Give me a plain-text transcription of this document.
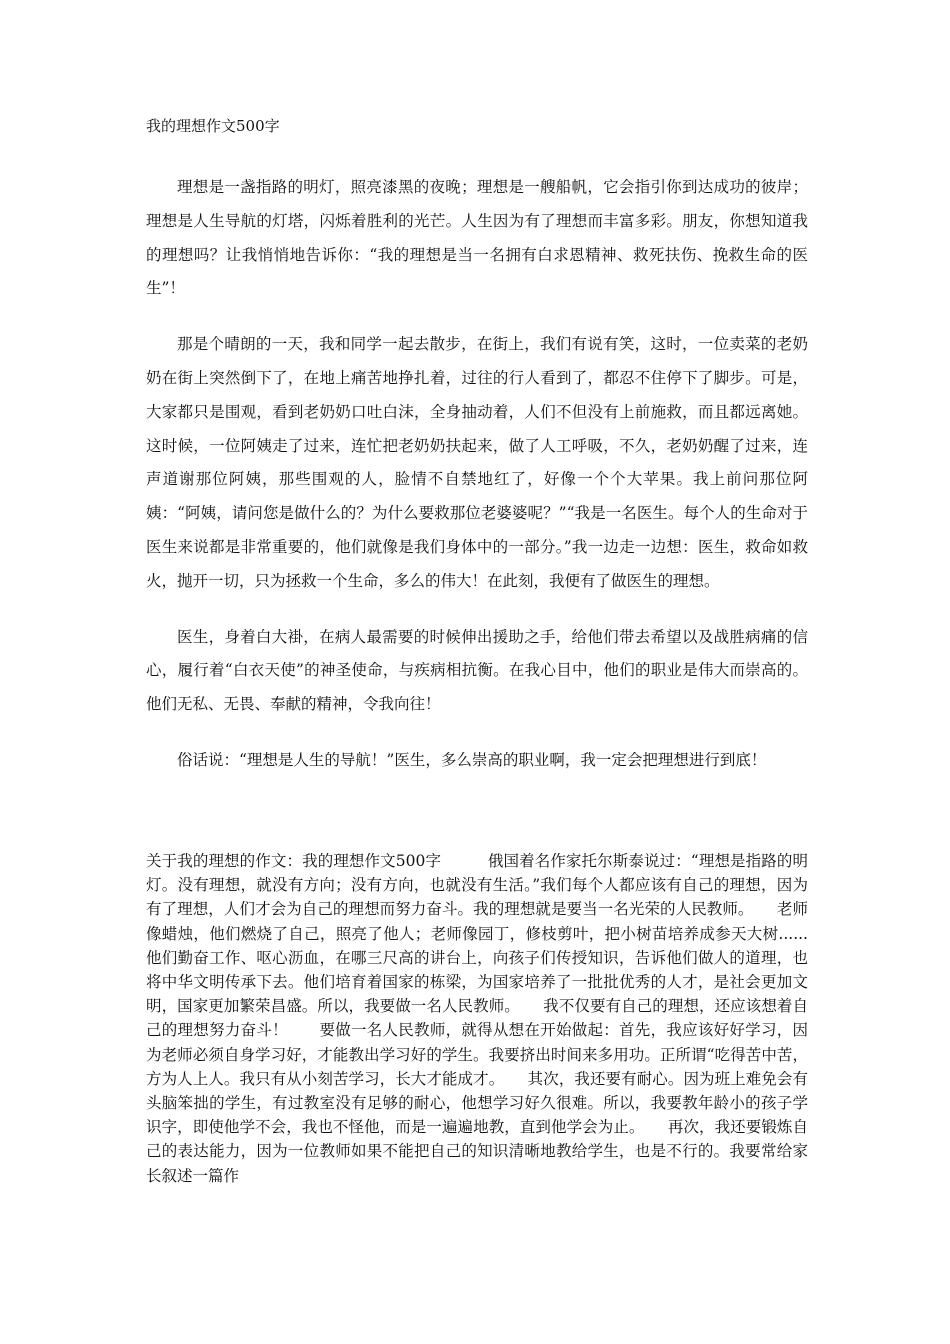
我的理想作文500字

理想是一盏指路的明灯，照亮漆黑的夜晚；理想是一艘船帆，它会指引你到达成功的彼岸；理想是人生导航的灯塔，闪烁着胜利的光芒。人生因为有了理想而丰富多彩。朋友，你想知道我的理想吗？让我悄悄地告诉你：“我的理想是当一名拥有白求恩精神、救死扶伤、挽救生命的医生”！

那是个晴朗的一天，我和同学一起去散步，在街上，我们有说有笑，这时，一位卖菜的老奶奶在街上突然倒下了，在地上痛苦地挣扎着，过往的行人看到了，都忍不住停下了脚步。可是，大家都只是围观，看到老奶奶口吐白沫，全身抽动着，人们不但没有上前施救，而且都远离她。这时候，一位阿姨走了过来，连忙把老奶奶扶起来，做了人工呼吸，不久，老奶奶醒了过来，连声道谢那位阿姨，那些围观的人，脸情不自禁地红了，好像一个个大苹果。我上前问那位阿姨：“阿姨，请问您是做什么的？为什么要救那位老婆婆呢？”“我是一名医生。每个人的生命对于医生来说都是非常重要的，他们就像是我们身体中的一部分。”我一边走一边想：医生，救命如救火，抛开一切，只为拯救一个生命，多么的伟大！在此刻，我便有了做医生的理想。

医生，身着白大褂，在病人最需要的时候伸出援助之手，给他们带去希望以及战胜病痛的信心，履行着“白衣天使”的神圣使命，与疾病相抗衡。在我心目中，他们的职业是伟大而崇高的。他们无私、无畏、奉献的精神，令我向往！

俗话说：“理想是人生的导航！”医生，多么崇高的职业啊，我一定会把理想进行到底！

关于我的理想的作文：我的理想作文500字　　　俄国着名作家托尔斯泰说过：“理想是指路的明灯。没有理想，就没有方向；没有方向，也就没有生活。”我们每个人都应该有自己的理想，因为有了理想，人们才会为自己的理想而努力奋斗。我的理想就是要当一名光荣的人民教师。　　老师像蜡烛，他们燃烧了自己，照亮了他人；老师像园丁，修枝剪叶，把小树苗培养成参天大树......　他们勤奋工作、呕心沥血，在哪三尺高的讲台上，向孩子们传授知识，告诉他们做人的道理，也将中华文明传承下去。他们培育着国家的栋梁，为国家培养了一批批优秀的人才，是社会更加文明，国家更加繁荣昌盛。所以，我要做一名人民教师。　　我不仅要有自己的理想，还应该想着自己的理想努力奋斗！　　要做一名人民教师，就得从想在开始做起：首先，我应该好好学习，因为老师必须自身学习好，才能教出学习好的学生。我要挤出时间来多用功。正所谓“吃得苦中苦，方为人上人。我只有从小刻苦学习，长大才能成才。　　其次，我还要有耐心。因为班上难免会有头脑笨拙的学生，有过教室没有足够的耐心，他想学习好久很难。所以，我要教年龄小的孩子学识字，即使他学不会，我也不怪他，而是一遍遍地教，直到他学会为止。　　再次，我还要锻炼自己的表达能力，因为一位教师如果不能把自己的知识清晰地教给学生，也是不行的。我要常给家长叙述一篇作
